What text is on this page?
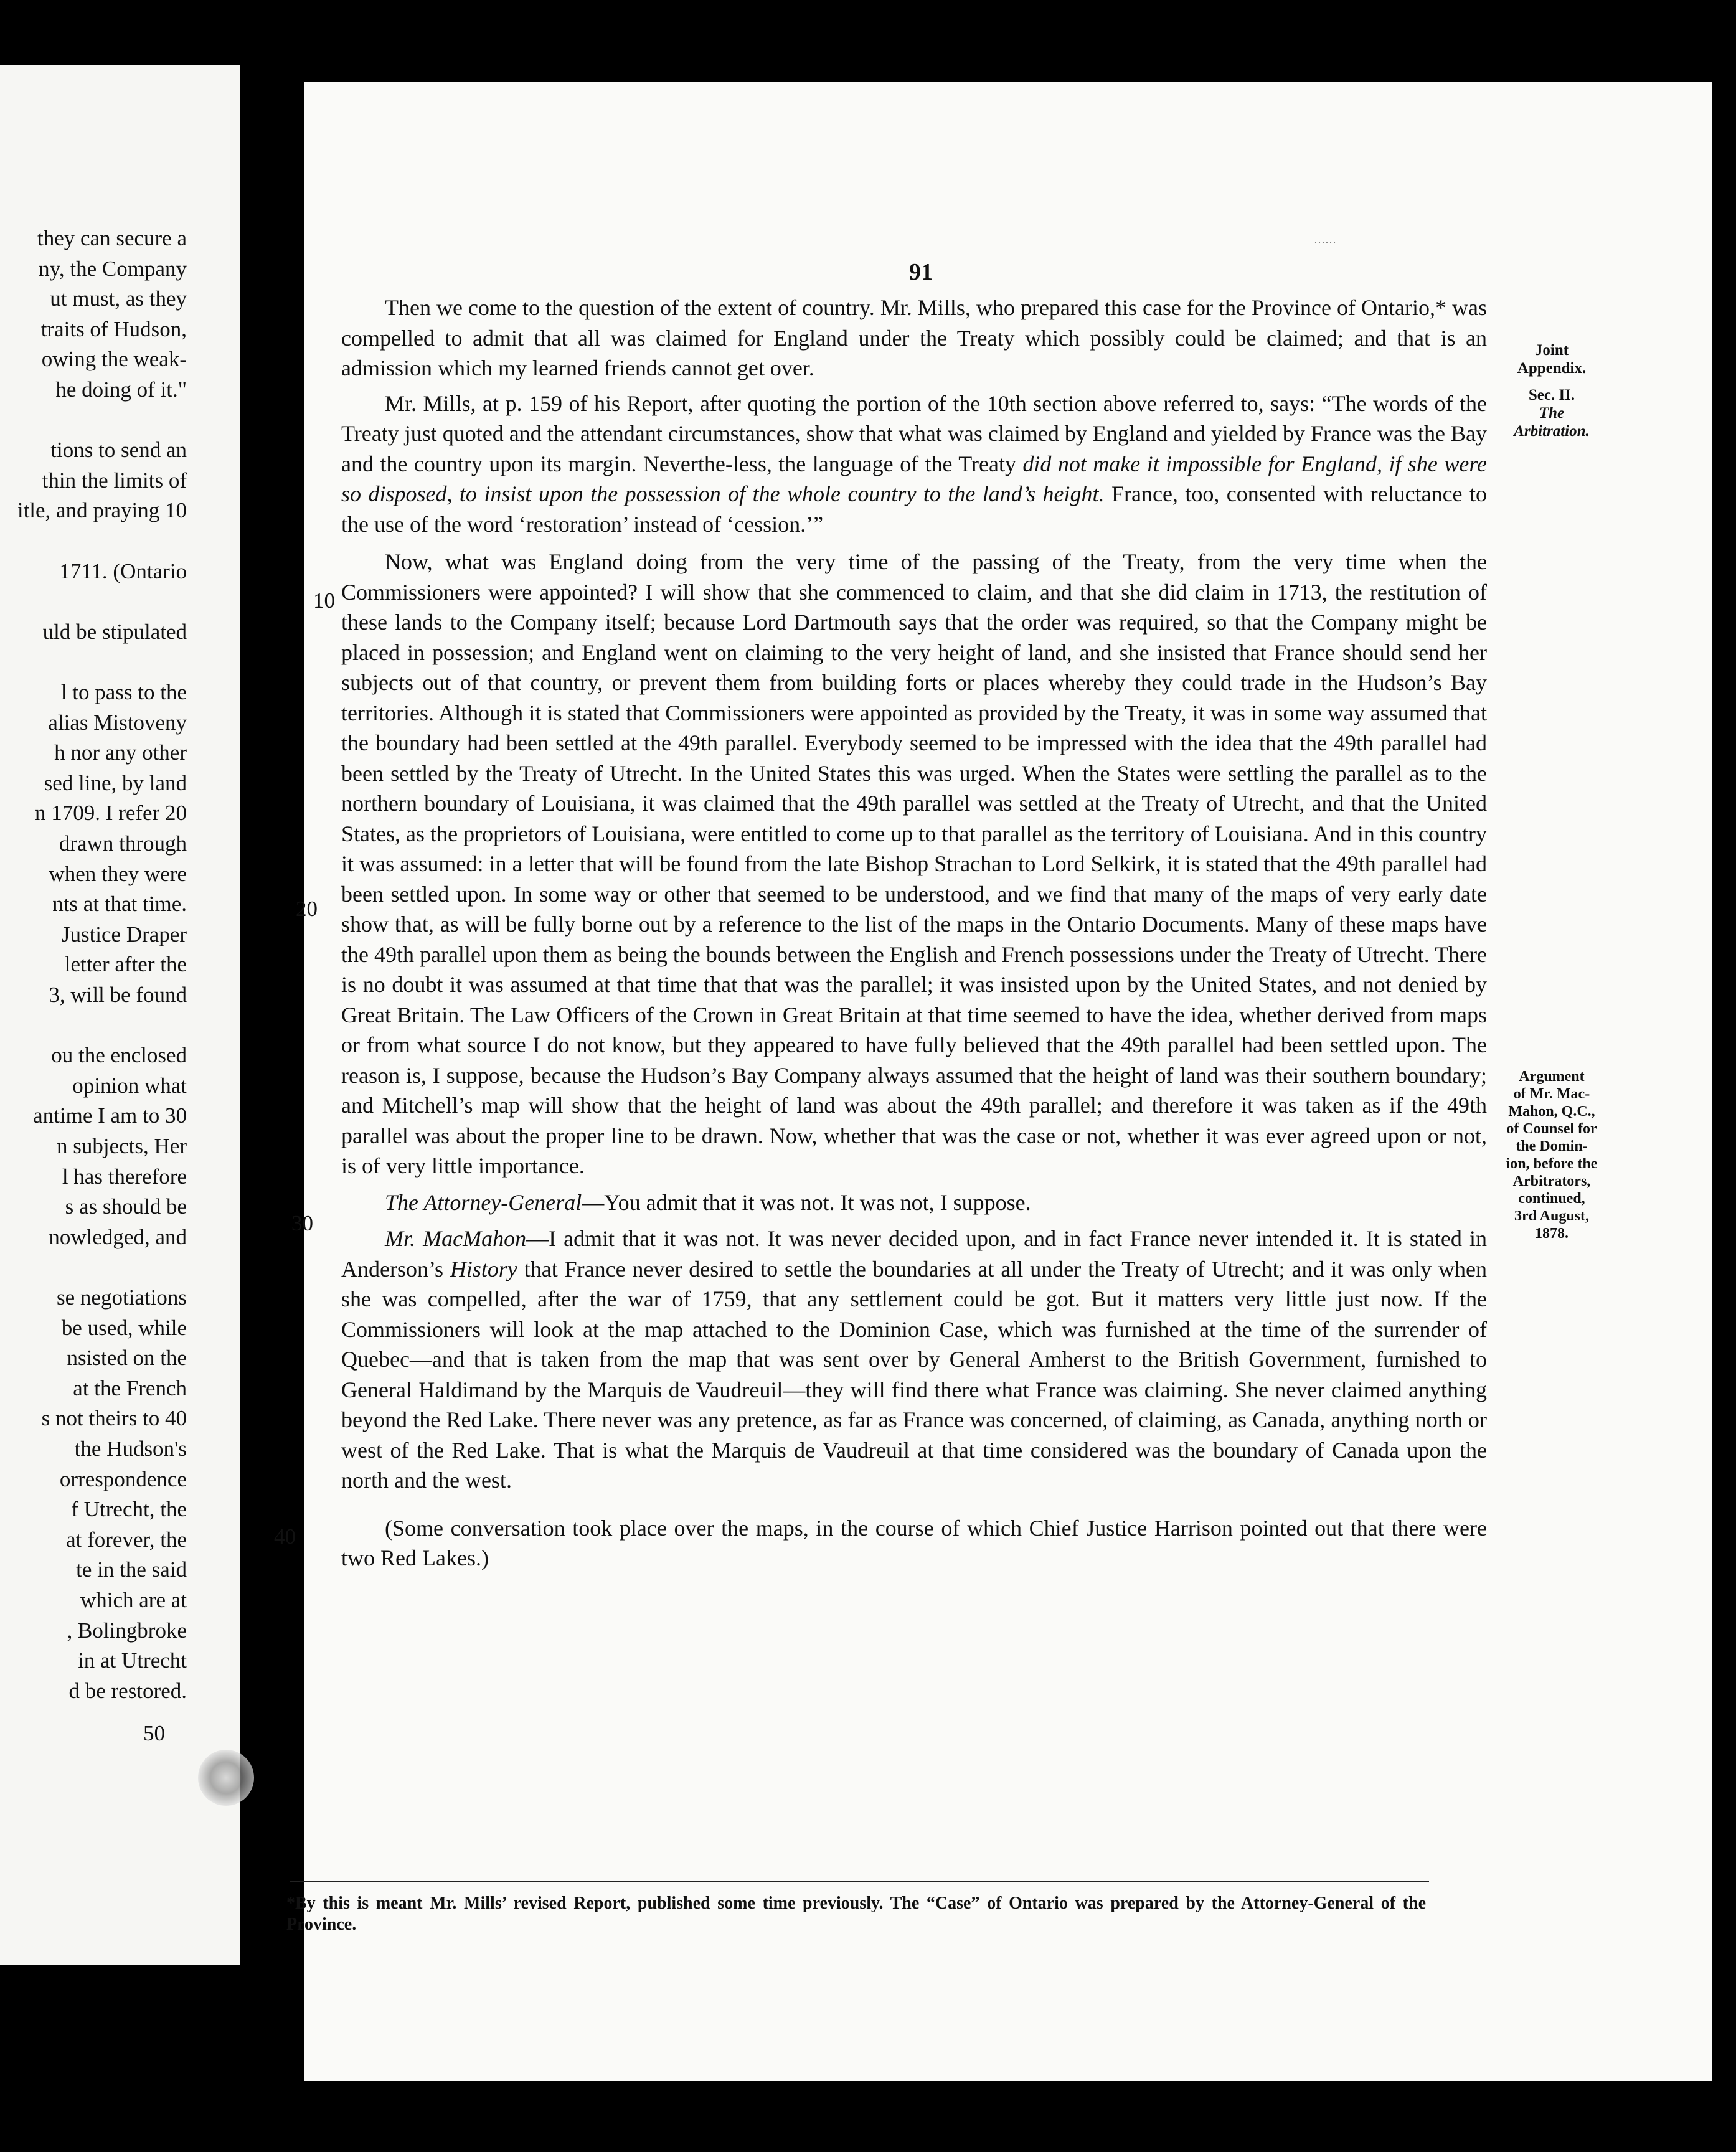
they can secure a
ny, the Company
ut must, as they
traits of Hudson,
owing the weak-
he doing of it."
tions to send an
thin the limits of
itle, and praying 10
1711. (Ontario
uld be stipulated
l to pass to the
alias Mistoveny
h nor any other
sed line, by land
n 1709. I refer 20
drawn through
when they were
nts at that time.
Justice Draper
letter after the
3, will be found
ou the enclosed
opinion what
antime I am to 30
n subjects, Her
l has therefore
s as should be
nowledged, and
se negotiations
be used, while
nsisted on the
at the French
s not theirs to 40
the Hudson's
orrespondence
f Utrecht, the
at forever, the
te in the said
which are at
, Bolingbroke
in at Utrecht
d be restored.
50
……
91
Joint
Appendix.
Sec. II.
The
Arbitration.
Argument
of Mr. Mac-
Mahon, Q.C.,
of Counsel for
the Domin-
ion, before the
Arbitrators,
continued,
3rd August,
1878.
10
20
30
40

Then we come to the question of the extent of country. Mr. Mills, who prepared this case for the Province of Ontario,* was compelled to admit that all was claimed for England under the Treaty which possibly could be claimed; and that is an admission which my learned friends cannot get over.

Mr. Mills, at p. 159 of his Report, after quoting the portion of the 10th section above referred to, says: “The words of the Treaty just quoted and the attendant circumstances, show that what was claimed by England and yielded by France was the Bay and the country upon its margin. Neverthe-less, the language of the Treaty did not make it impossible for England, if she were so disposed, to insist upon the possession of the whole country to the land’s height. France, too, consented with reluctance to the use of the word ‘restoration’ instead of ‘cession.’”

Now, what was England doing from the very time of the passing of the Treaty, from the very time when the Commissioners were appointed? I will show that she commenced to claim, and that she did claim in 1713, the restitution of these lands to the Company itself; because Lord Dartmouth says that the order was required, so that the Company might be placed in possession; and England went on claiming to the very height of land, and she insisted that France should send her subjects out of that country, or prevent them from building forts or places whereby they could trade in the Hudson’s Bay territories. Although it is stated that Commissioners were appointed as provided by the Treaty, it was in some way assumed that the boundary had been settled at the 49th parallel. Everybody seemed to be impressed with the idea that the 49th parallel had been settled by the Treaty of Utrecht. In the United States this was urged. When the States were settling the parallel as to the northern boundary of Louisiana, it was claimed that the 49th parallel was settled at the Treaty of Utrecht, and that the United States, as the proprietors of Louisiana, were entitled to come up to that parallel as the territory of Louisiana. And in this country it was assumed: in a letter that will be found from the late Bishop Strachan to Lord Selkirk, it is stated that the 49th parallel had been settled upon. In some way or other that seemed to be understood, and we find that many of the maps of very early date show that, as will be fully borne out by a reference to the list of the maps in the Ontario Documents. Many of these maps have the 49th parallel upon them as being the bounds between the English and French possessions under the Treaty of Utrecht. There is no doubt it was assumed at that time that that was the parallel; it was insisted upon by the United States, and not denied by Great Britain. The Law Officers of the Crown in Great Britain at that time seemed to have the idea, whether derived from maps or from what source I do not know, but they appeared to have fully believed that the 49th parallel had been settled upon. The reason is, I suppose, because the Hudson’s Bay Company always assumed that the height of land was their southern boundary; and Mitchell’s map will show that the height of land was about the 49th parallel; and therefore it was taken as if the 49th parallel was about the proper line to be drawn. Now, whether that was the case or not, whether it was ever agreed upon or not, is of very little importance.

The Attorney-General—You admit that it was not. It was not, I suppose.

Mr. MacMahon—I admit that it was not. It was never decided upon, and in fact France never intended it. It is stated in Anderson’s History that France never desired to settle the boundaries at all under the Treaty of Utrecht; and it was only when she was compelled, after the war of 1759, that any settlement could be got. But it matters very little just now. If the Commissioners will look at the map attached to the Dominion Case, which was furnished at the time of the surrender of Quebec—and that is taken from the map that was sent over by General Amherst to the British Government, furnished to General Haldimand by the Marquis de Vaudreuil—they will find there what France was claiming. She never claimed anything beyond the Red Lake. There never was any pretence, as far as France was concerned, of claiming, as Canada, anything north or west of the Red Lake. That is what the Marquis de Vaudreuil at that time considered was the boundary of Canada upon the north and the west.

(Some conversation took place over the maps, in the course of which Chief Justice Harrison pointed out that there were two Red Lakes.)

*By this is meant Mr. Mills’ revised Report, published some time previously. The “Case” of Ontario was prepared by the Attorney-General of the Province.
